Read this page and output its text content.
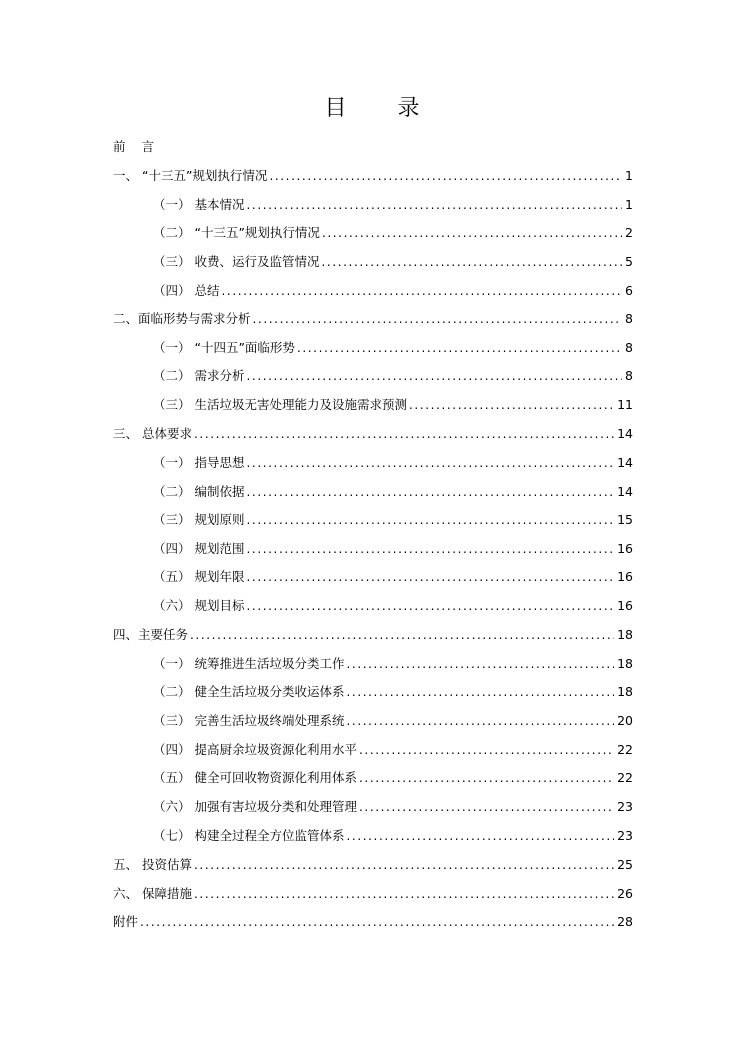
目 录
前 言
一、 “十三五”规划执行情况 .....	1
（一） 基本情况 .....	1
（二） “十三五”规划执行情况 .....	2
（三） 收费、运行及监管情况 .....	5
（四） 总结 .....	6
二、面临形势与需求分析 .....	8
（一） “十四五”面临形势 .....	8
（二） 需求分析 .....	8
（三） 生活垃圾无害处理能力及设施需求预测 .....	11
三、 总体要求 .....	14
（一） 指导思想 .....	14
（二） 编制依据 .....	14
（三） 规划原则 .....	15
（四） 规划范围 .....	16
（五） 规划年限 .....	16
（六） 规划目标 .....	16
四、主要任务 .....	18
（一） 统筹推进生活垃圾分类工作 .....	18
（二） 健全生活垃圾分类收运体系 .....	18
（三） 完善生活垃圾终端处理系统 .....	20
（四） 提高厨余垃圾资源化利用水平 .....	22
（五） 健全可回收物资源化利用体系 .....	22
（六） 加强有害垃圾分类和处理管理 .....	23
（七） 构建全过程全方位监管体系 .....	23
五、 投资估算 .....	25
六、 保障措施 .....	26
附件 .....	28
